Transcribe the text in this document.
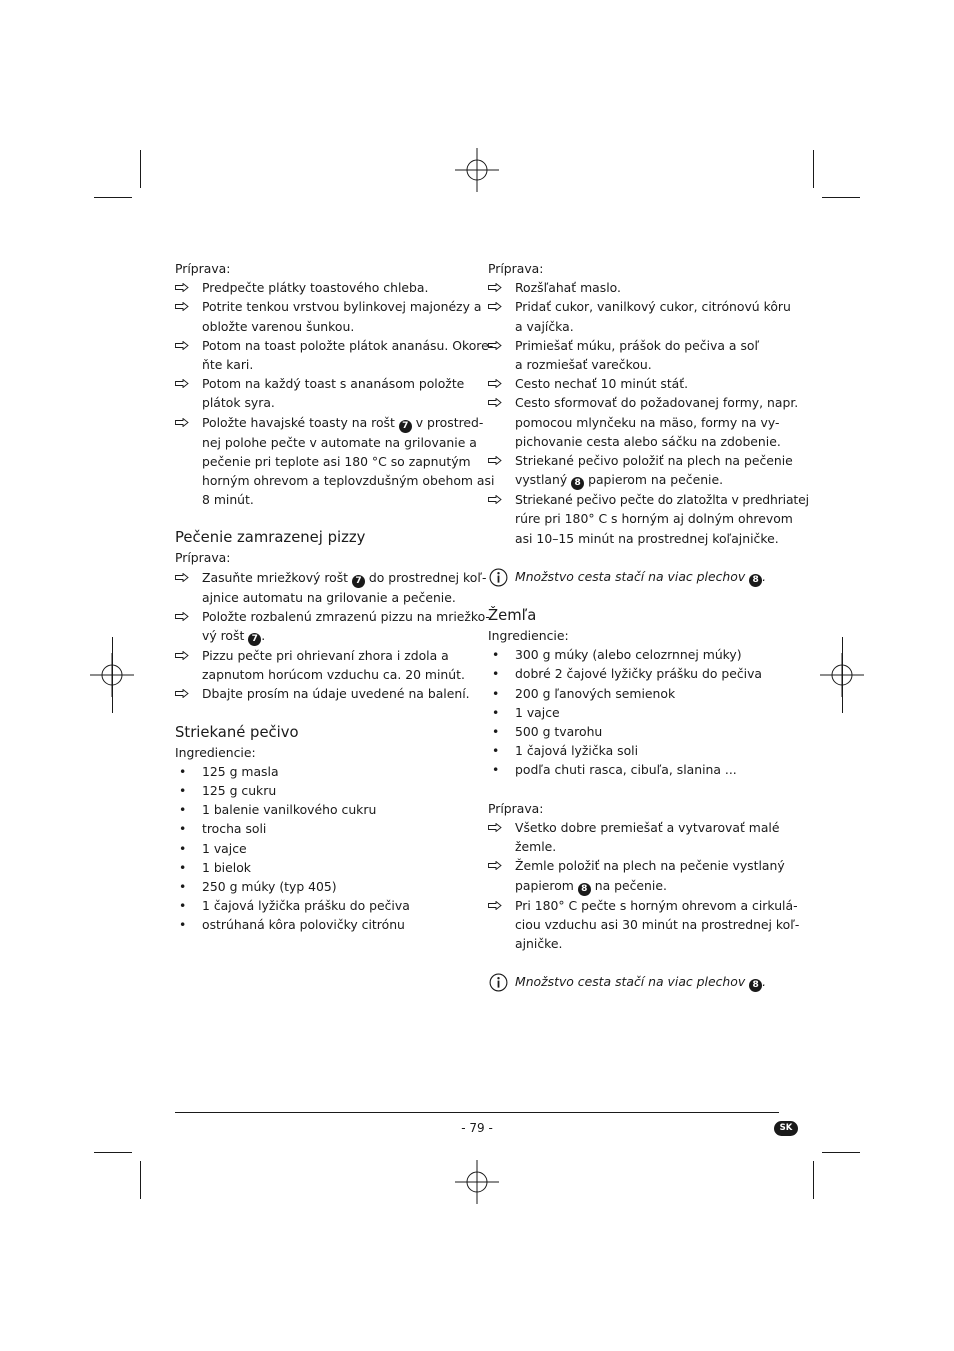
Príprava:
Predpečte plátky toastového chleba.
Potrite tenkou vrstvou bylinkovej majonézy a
obložte varenou šunkou.
Potom na toast položte plátok ananásu. Okore-
ňte kari.
Potom na každý toast s ananásom položte
plátok syra.
Položte havajské toasty na rošt 7 v prostred-
nej polohe pečte v automate na grilovanie a
pečenie pri teplote asi 180 °C so zapnutým
horným ohrevom a teplovzdušným obehom asi
8 minút.
Pečenie zamrazenej pizzy
Príprava:
Zasuňte mriežkový rošt 7 do prostrednej koľ-
ajnice automatu na grilovanie a pečenie.
Položte rozbalenú zmrazenú pizzu na mriežko-
vý rošt 7 .
Pizzu pečte pri ohrievaní zhora i zdola a
zapnutom horúcom vzduchu ca. 20 minút.
Dbajte prosím na údaje uvedené na balení.
Striekané pečivo
Ingrediencie:
• 125 g masla
• 125 g cukru
• 1 balenie vanilkového cukru
• trocha soli
• 1 vajce
• 1 bielok
• 250 g múky (typ 405)
• 1 čajová lyžička prášku do pečiva
• ostrúhaná kôra polovičky citrónu
Príprava:
Rozšľahať maslo.
Pridať cukor, vanilkový cukor, citrónovú kôru
a vajíčka.
Primiešať múku, prášok do pečiva a soľ
a rozmiešať varečkou.
Cesto nechať 10 minút stáť.
Cesto sformovať do požadovanej formy, napr.
pomocou mlynčeku na mäso, formy na vy-
pichovanie cesta alebo sáčku na zdobenie.
Striekané pečivo položiť na plech na pečenie
vystlaný 8 papierom na pečenie.
Striekané pečivo pečte do zlatožlta v predhriatej
rúre pri 180° C s horným aj dolným ohrevom
asi 10–15 minút na prostrednej koľajničke.
Množstvo cesta stačí na viac plechov 8 .
Žemľa
Ingrediencie:
• 300 g múky (alebo celozrnnej múky)
• dobré 2 čajové lyžičky prášku do pečiva
• 200 g ľanových semienok
• 1 vajce
• 500 g tvarohu
• 1 čajová lyžička soli
• podľa chuti rasca, cibuľa, slanina ...
Príprava:
Všetko dobre premiešať a vytvarovať malé
žemle.
Žemle položiť na plech na pečenie vystlaný
papierom 8 na pečenie.
Pri 180° C pečte s horným ohrevom a cirkulá-
ciou vzduchu asi 30 minút na prostrednej koľ-
ajničke.
Množstvo cesta stačí na viac plechov 8 .
- 79 -	SK
